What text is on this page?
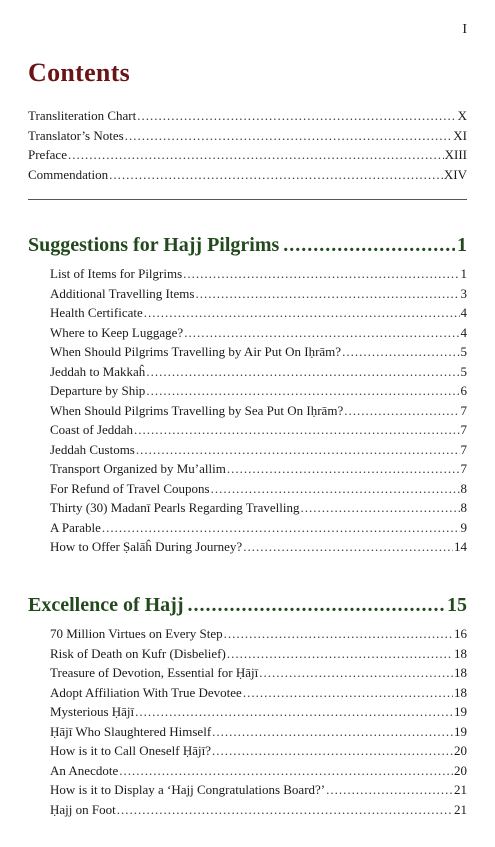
I
Contents
Transliteration Chart .....	X
Translator’s Notes .....	XI
Preface .....	XIII
Commendation .....	XIV
Suggestions for Hajj Pilgrims .....	1
List of Items for Pilgrims .....	1
Additional Travelling Items .....	3
Health Certificate .....	4
Where to Keep Luggage? .....	4
When Should Pilgrims Travelling by Air Put On Iḥrām? .....	5
Jeddah to Makkaĥ .....	5
Departure by Ship .....	6
When Should Pilgrims Travelling by Sea Put On Iḥrām? .....	7
Coast of Jeddah .....	7
Jeddah Customs .....	7
Transport Organized by Mu’allim .....	7
For Refund of Travel Coupons .....	8
Thirty (30) Madanī Pearls Regarding Travelling .....	8
A Parable .....	9
How to Offer Ṣalāĥ During Journey? .....	14
Excellence of Hajj .....	15
70 Million Virtues on Every Step .....	16
Risk of Death on Kufr (Disbelief) .....	18
Treasure of Devotion, Essential for Ḥājī .....	18
Adopt Affiliation With True Devotee .....	18
Mysterious Ḥājī .....	19
Ḥājī Who Slaughtered Himself .....	19
How is it to Call Oneself Ḥājī? .....	20
An Anecdote .....	20
How is it to Display a ‘Hajj Congratulations Board?’ .....	21
Ḥajj on Foot .....	21
